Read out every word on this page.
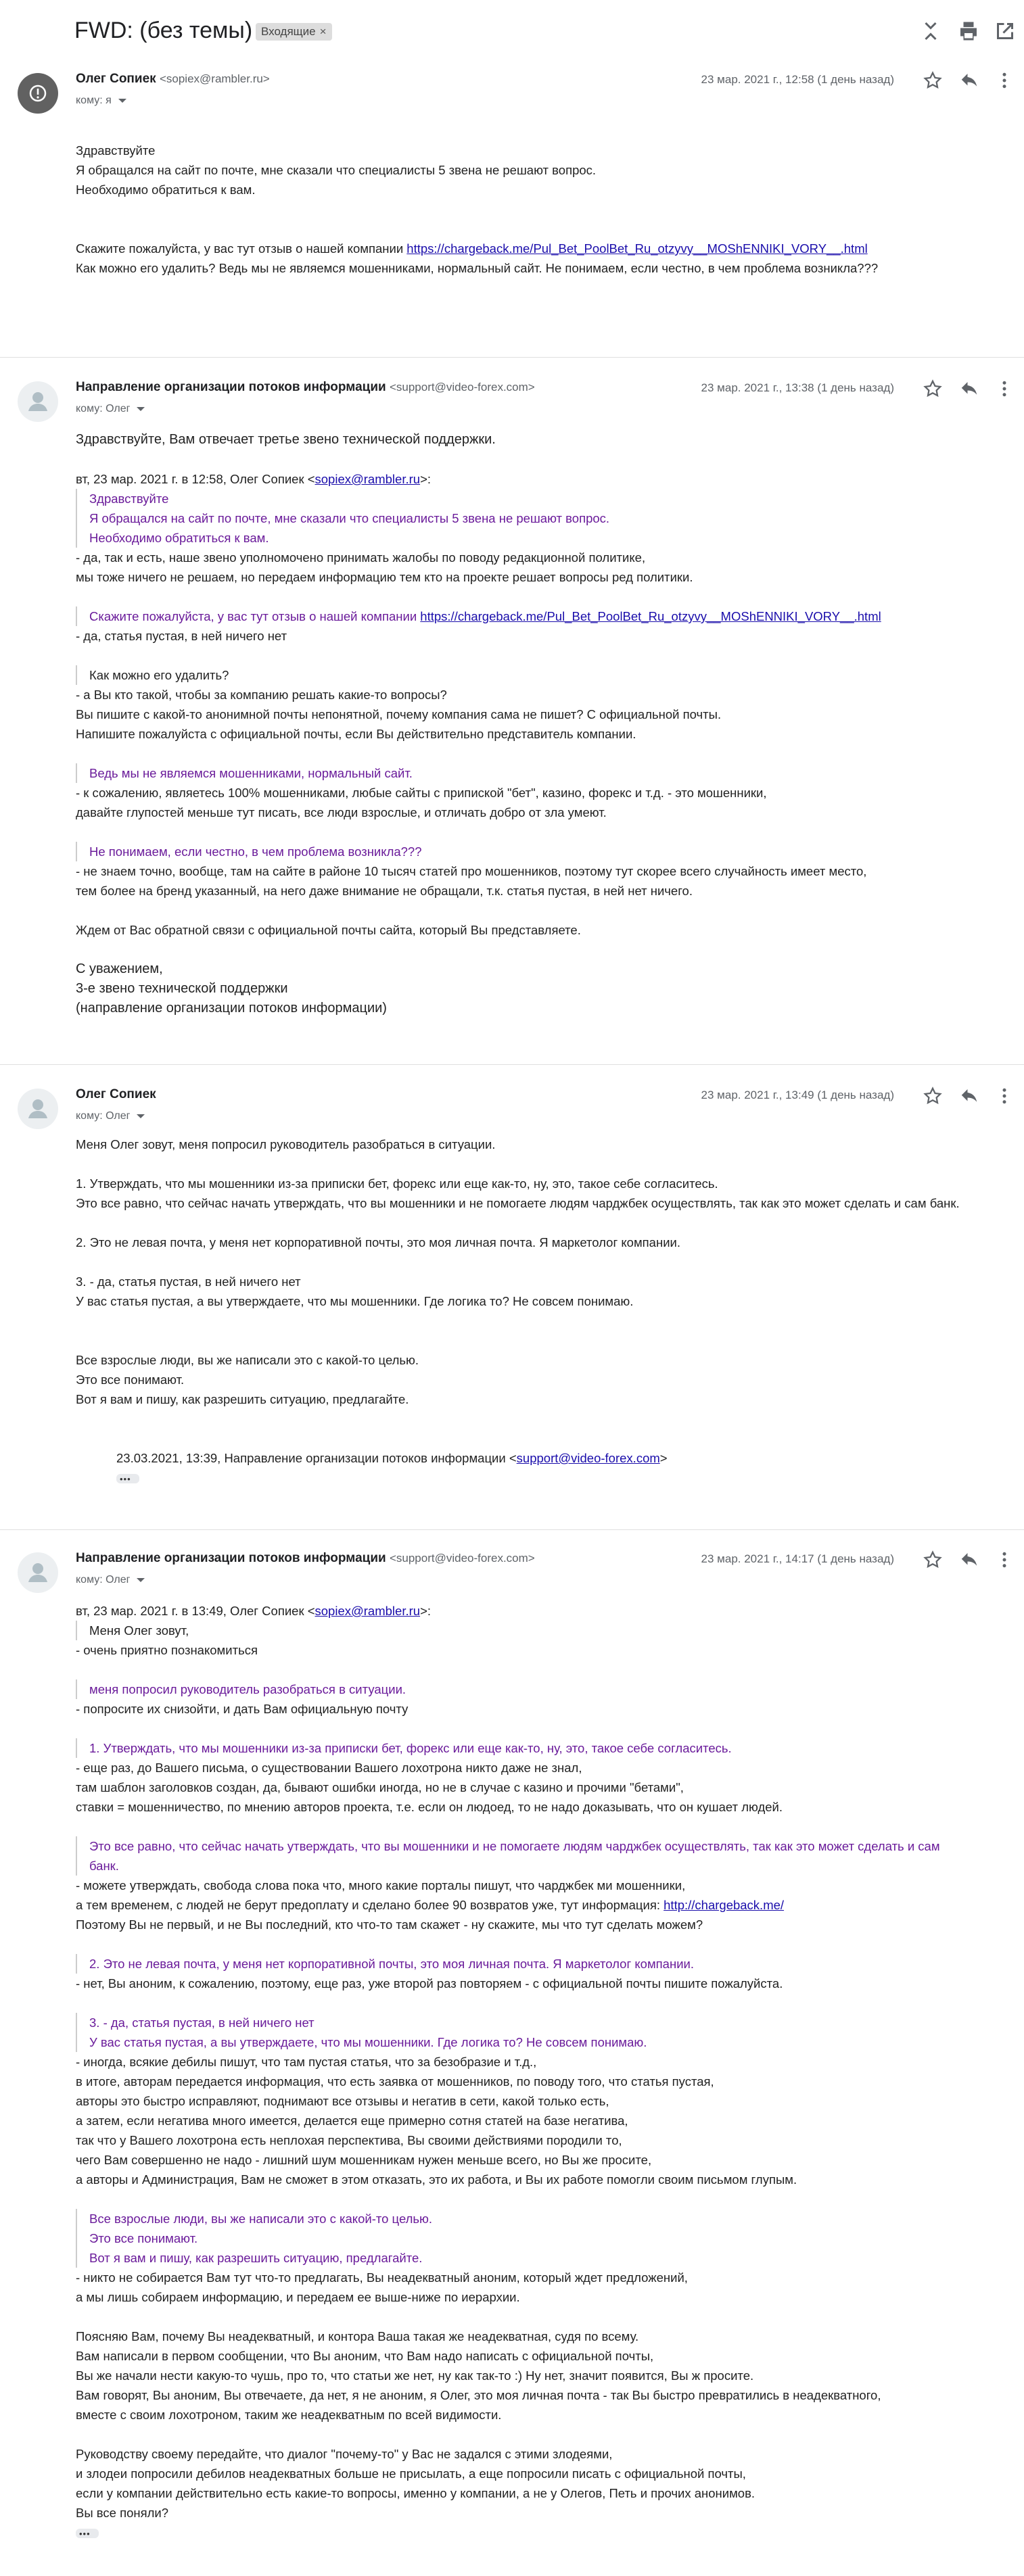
FWD: (без темы) Входящие ×
Олег Сопиек <sopiex@rambler.ru>
кому: я
23 мар. 2021 г., 12:58 (1 день назад)
Здравствуйте
Я обращался на сайт по почте, мне сказали что специалисты 5 звена не решают вопрос.
Необходимо обратиться к вам.
Скажите пожалуйста, у вас тут отзыв о нашей компании https://chargeback.me/Pul_Bet_PoolBet_Ru_otzyvy__MOShENNIKI_VORY__.html
Как можно его удалить? Ведь мы не являемся мошенниками, нормальный сайт. Не понимаем, если честно, в чем проблема возникла???
Направление организации потоков информации <support@video-forex.com>
кому: Олег
23 мар. 2021 г., 13:38 (1 день назад)
Здравствуйте, Вам отвечает третье звено технической поддержки.
вт, 23 мар. 2021 г. в 12:58, Олег Сопиек <sopiex@rambler.ru>:
Здравствуйте
Я обращался на сайт по почте, мне сказали что специалисты 5 звена не решают вопрос.
Необходимо обратиться к вам.
- да, так и есть, наше звено уполномочено принимать жалобы по поводу редакционной политике,
мы тоже ничего не решаем, но передаем информацию тем кто на проекте решает вопросы ред политики.
Скажите пожалуйста, у вас тут отзыв о нашей компании https://chargeback.me/Pul_Bet_PoolBet_Ru_otzyvy__MOShENNIKI_VORY__.html
- да, статья пустая, в ней ничего нет
Как можно его удалить?
- а Вы кто такой, чтобы за компанию решать какие-то вопросы?
Вы пишите с какой-то анонимной почты непонятной, почему компания сама не пишет? С официальной почты.
Напишите пожалуйста с официальной почты, если Вы действительно представитель компании.
Ведь мы не являемся мошенниками, нормальный сайт.
- к сожалению, являетесь 100% мошенниками, любые сайты с припиской "бет", казино, форекс и т.д. - это мошенники,
давайте глупостей меньше тут писать, все люди взрослые, и отличать добро от зла умеют.
Не понимаем, если честно, в чем проблема возникла???
- не знаем точно, вообще, там на сайте в районе 10 тысяч статей про мошенников, поэтому тут скорее всего случайность имеет место,
тем более на бренд указанный, на него даже внимание не обращали, т.к. статья пустая, в ней нет ничего.
Ждем от Вас обратной связи с официальной почты сайта, который Вы представляете.
С уважением,
3-е звено технической поддержки
(направление организации потоков информации)
Олег Сопиек
кому: Олег
23 мар. 2021 г., 13:49 (1 день назад)
Меня Олег зовут, меня попросил руководитель разобраться в ситуации.
1. Утверждать, что мы мошенники из-за приписки бет, форекс или еще как-то, ну, это, такое себе согласитесь.
Это все равно, что сейчас начать утверждать, что вы мошенники и не помогаете людям чарджбек осуществлять, так как это может сделать и сам банк.
2. Это не левая почта, у меня нет корпоративной почты, это моя личная почта. Я маркетолог компании.
3. - да, статья пустая, в ней ничего нет
У вас статья пустая, а вы утверждаете, что мы мошенники. Где логика то? Не совсем понимаю.
Все взрослые люди, вы же написали это с какой-то целью.
Это все понимают.
Вот я вам и пишу, как разрешить ситуацию, предлагайте.
23.03.2021, 13:39, Направление организации потоков информации <support@video-forex.com>
•••
Направление организации потоков информации <support@video-forex.com>
кому: Олег
23 мар. 2021 г., 14:17 (1 день назад)
вт, 23 мар. 2021 г. в 13:49, Олег Сопиек <sopiex@rambler.ru>:
Меня Олег зовут,
- очень приятно познакомиться
меня попросил руководитель разобраться в ситуации.
- попросите их снизойти, и дать Вам официальную почту
1. Утверждать, что мы мошенники из-за приписки бет, форекс или еще как-то, ну, это, такое себе согласитесь.
- еще раз, до Вашего письма, о существовании Вашего лохотрона никто даже не знал,
там шаблон заголовков создан, да, бывают ошибки иногда, но не в случае с казино и прочими "бетами",
ставки = мошенничество, по мнению авторов проекта, т.е. если он людоед, то не надо доказывать, что он кушает людей.
Это все равно, что сейчас начать утверждать, что вы мошенники и не помогаете людям чарджбек осуществлять, так как это может сделать и сам
банк.
- можете утверждать, свобода слова пока что, много какие порталы пишут, что чарджбек ми мошенники,
а тем временем, с людей не берут предоплату и сделано более 90 возвратов уже, тут информация: http://chargeback.me/
Поэтому Вы не первый, и не Вы последний, кто что-то там скажет - ну скажите, мы что тут сделать можем?
2. Это не левая почта, у меня нет корпоративной почты, это моя личная почта. Я маркетолог компании.
- нет, Вы аноним, к сожалению, поэтому, еще раз, уже второй раз повторяем - с официальной почты пишите пожалуйста.
3. - да, статья пустая, в ней ничего нет
У вас статья пустая, а вы утверждаете, что мы мошенники. Где логика то? Не совсем понимаю.
- иногда, всякие дебилы пишут, что там пустая статья, что за безобразие и т.д.,
в итоге, авторам передается информация, что есть заявка от мошенников, по поводу того, что статья пустая,
авторы это быстро исправляют, поднимают все отзывы и негатив в сети, какой только есть,
а затем, если негатива много имеется, делается еще примерно сотня статей на базе негатива,
так что у Вашего лохотрона есть неплохая перспектива, Вы своими действиями породили то,
чего Вам совершенно не надо - лишний шум мошенникам нужен меньше всего, но Вы же просите,
а авторы и Администрация, Вам не сможет в этом отказать, это их работа, и Вы их работе помогли своим письмом глупым.
Все взрослые люди, вы же написали это с какой-то целью.
Это все понимают.
Вот я вам и пишу, как разрешить ситуацию, предлагайте.
- никто не собирается Вам тут что-то предлагать, Вы неадекватный аноним, который ждет предложений,
а мы лишь собираем информацию, и передаем ее выше-ниже по иерархии.
Поясняю Вам, почему Вы неадекватный, и контора Ваша такая же неадекватная, судя по всему.
Вам написали в первом сообщении, что Вы аноним, что Вам надо написать с официальной почты,
Вы же начали нести какую-то чушь, про то, что статьи же нет, ну как так-то :) Ну нет, значит появится, Вы ж просите.
Вам говорят, Вы аноним, Вы отвечаете, да нет, я не аноним, я Олег, это моя личная почта - так Вы быстро превратились в неадекватного,
вместе с своим лохотроном, таким же неадекватным по всей видимости.
Руководству своему передайте, что диалог "почему-то" у Вас не задался с этими злодеями,
и злодеи попросили дебилов неадекватных больше не присылать, а еще попросили писать с официальной почты,
если у компании действительно есть какие-то вопросы, именно у компании, а не у Олегов, Петь и прочих анонимов.
Вы все поняли?
•••
